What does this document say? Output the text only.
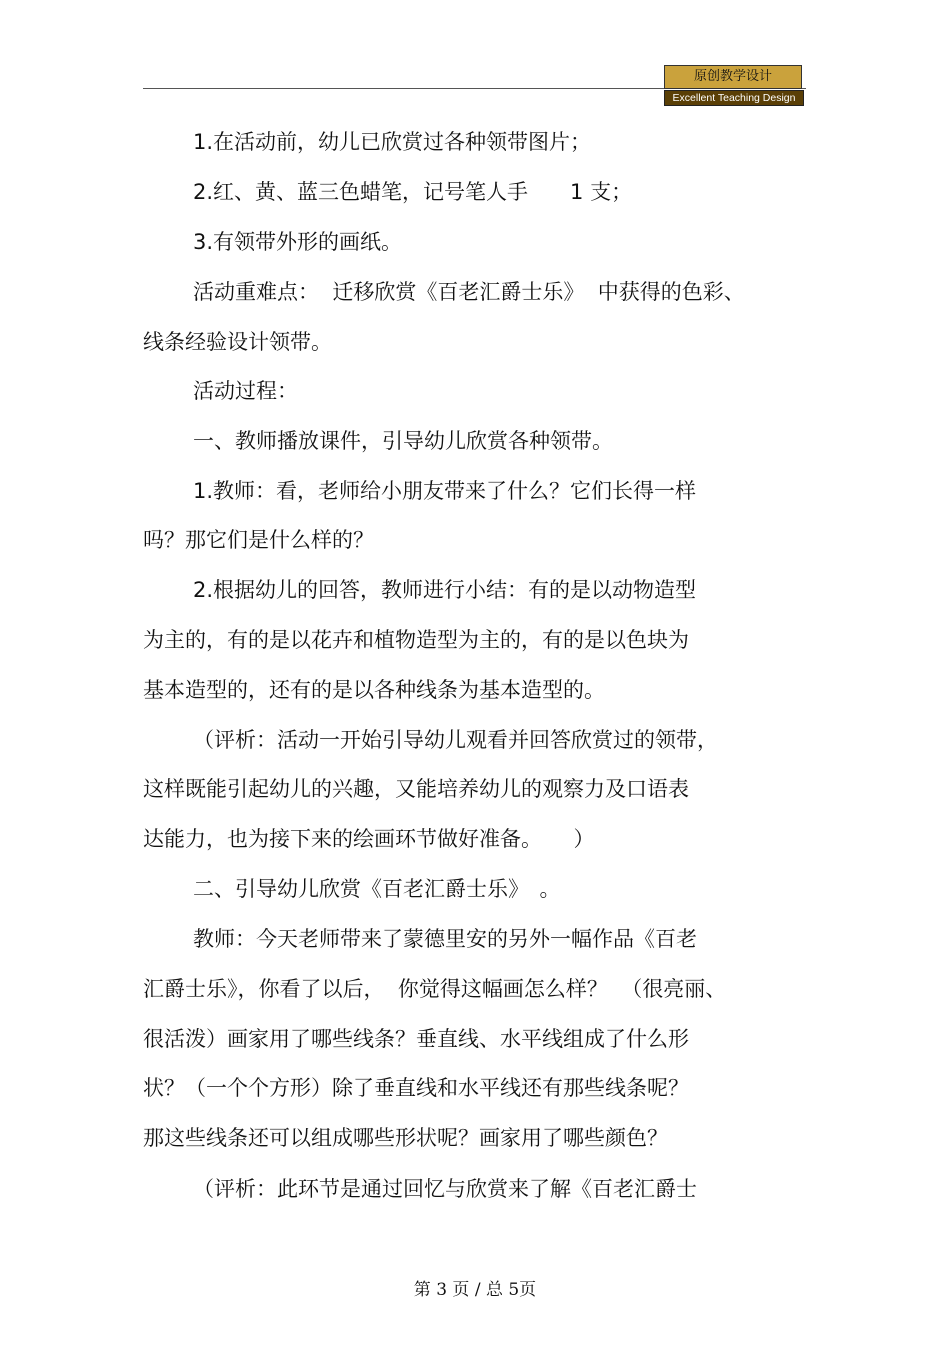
原创教学设计
Excellent Teaching Design
1.在活动前，幼儿已欣赏过各种领带图片；
2.红、黄、蓝三色蜡笔，记号笔人手　　1 支；
3.有领带外形的画纸。
活动重难点：  迁移欣赏《百老汇爵士乐》  中获得的色彩、
线条经验设计领带。
活动过程：
一、教师播放课件，引导幼儿欣赏各种领带。
1.教师：看，老师给小朋友带来了什么？它们长得一样
吗？那它们是什么样的？
2.根据幼儿的回答，教师进行小结：有的是以动物造型
为主的，有的是以花卉和植物造型为主的，有的是以色块为
基本造型的，还有的是以各种线条为基本造型的。
（评析：活动一开始引导幼儿观看并回答欣赏过的领带，
这样既能引起幼儿的兴趣，又能培养幼儿的观察力及口语表
达能力，也为接下来的绘画环节做好准备。　　）
二、引导幼儿欣赏《百老汇爵士乐》　。
教师：今天老师带来了蒙德里安的另外一幅作品《百老
汇爵士乐》，你看了以后，  你觉得这幅画怎么样？  （很亮丽、
很活泼）画家用了哪些线条？垂直线、水平线组成了什么形
状？（一个个方形）除了垂直线和水平线还有那些线条呢？
那这些线条还可以组成哪些形状呢？画家用了哪些颜色？
（评析：此环节是通过回忆与欣赏来了解《百老汇爵士
第 3 页 / 总 5页
